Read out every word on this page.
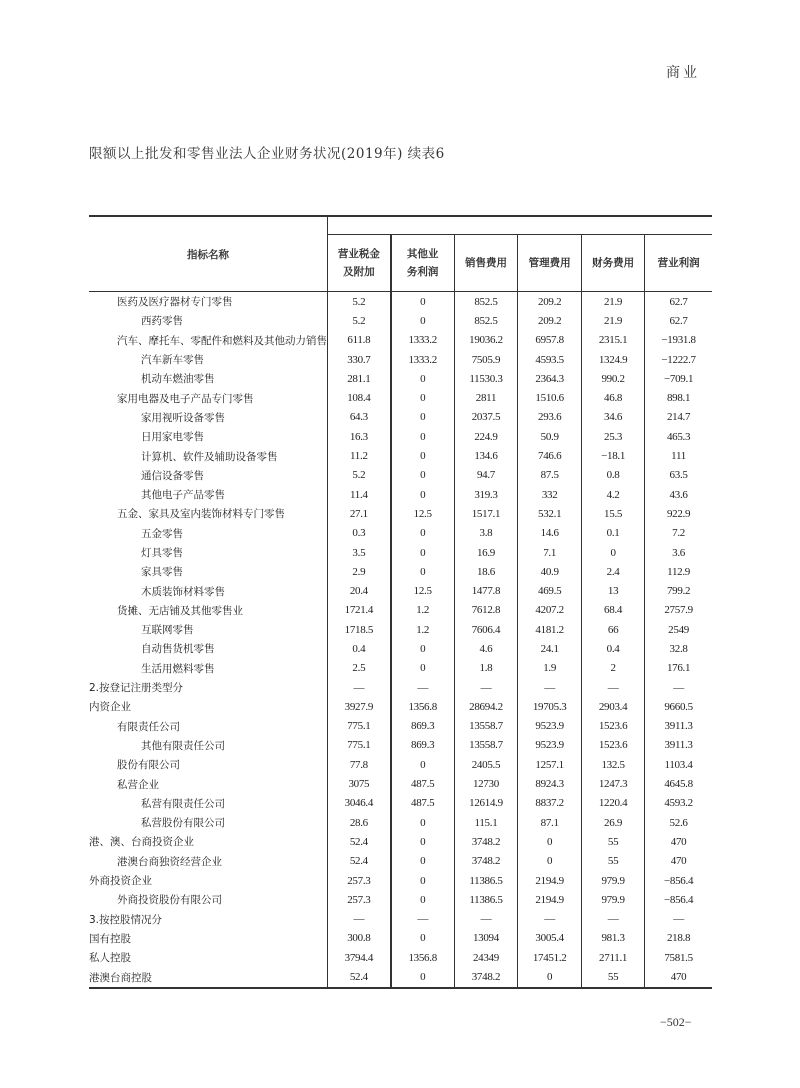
商业
限额以上批发和零售业法人企业财务状况(2019年) 续表6
指标名称						
	营业税金及附加	其他业务利润	销售费用	管理费用	财务费用	营业利润
医药及医疗器材专门零售	5.2	0	852.5	209.2	21.9	62.7
西药零售	5.2	0	852.5	209.2	21.9	62.7
汽车、摩托车、零配件和燃料及其他动力销售	611.8	1333.2	19036.2	6957.8	2315.1	−1931.8
汽车新车零售	330.7	1333.2	7505.9	4593.5	1324.9	−1222.7
机动车燃油零售	281.1	0	11530.3	2364.3	990.2	−709.1
家用电器及电子产品专门零售	108.4	0	2811	1510.6	46.8	898.1
家用视听设备零售	64.3	0	2037.5	293.6	34.6	214.7
日用家电零售	16.3	0	224.9	50.9	25.3	465.3
计算机、软件及辅助设备零售	11.2	0	134.6	746.6	−18.1	111
通信设备零售	5.2	0	94.7	87.5	0.8	63.5
其他电子产品零售	11.4	0	319.3	332	4.2	43.6
五金、家具及室内装饰材料专门零售	27.1	12.5	1517.1	532.1	15.5	922.9
五金零售	0.3	0	3.8	14.6	0.1	7.2
灯具零售	3.5	0	16.9	7.1	0	3.6
家具零售	2.9	0	18.6	40.9	2.4	112.9
木质装饰材料零售	20.4	12.5	1477.8	469.5	13	799.2
货摊、无店铺及其他零售业	1721.4	1.2	7612.8	4207.2	68.4	2757.9
互联网零售	1718.5	1.2	7606.4	4181.2	66	2549
自动售货机零售	0.4	0	4.6	24.1	0.4	32.8
生活用燃料零售	2.5	0	1.8	1.9	2	176.1
2.按登记注册类型分	—	—	—	—	—	—
内资企业	3927.9	1356.8	28694.2	19705.3	2903.4	9660.5
有限责任公司	775.1	869.3	13558.7	9523.9	1523.6	3911.3
其他有限责任公司	775.1	869.3	13558.7	9523.9	1523.6	3911.3
股份有限公司	77.8	0	2405.5	1257.1	132.5	1103.4
私营企业	3075	487.5	12730	8924.3	1247.3	4645.8
私营有限责任公司	3046.4	487.5	12614.9	8837.2	1220.4	4593.2
私营股份有限公司	28.6	0	115.1	87.1	26.9	52.6
港、澳、台商投资企业	52.4	0	3748.2	0	55	470
港澳台商独资经营企业	52.4	0	3748.2	0	55	470
外商投资企业	257.3	0	11386.5	2194.9	979.9	−856.4
外商投资股份有限公司	257.3	0	11386.5	2194.9	979.9	−856.4
3.按控股情况分	—	—	—	—	—	—
国有控股	300.8	0	13094	3005.4	981.3	218.8
私人控股	3794.4	1356.8	24349	17451.2	2711.1	7581.5
港澳台商控股	52.4	0	3748.2	0	55	470
−502−
